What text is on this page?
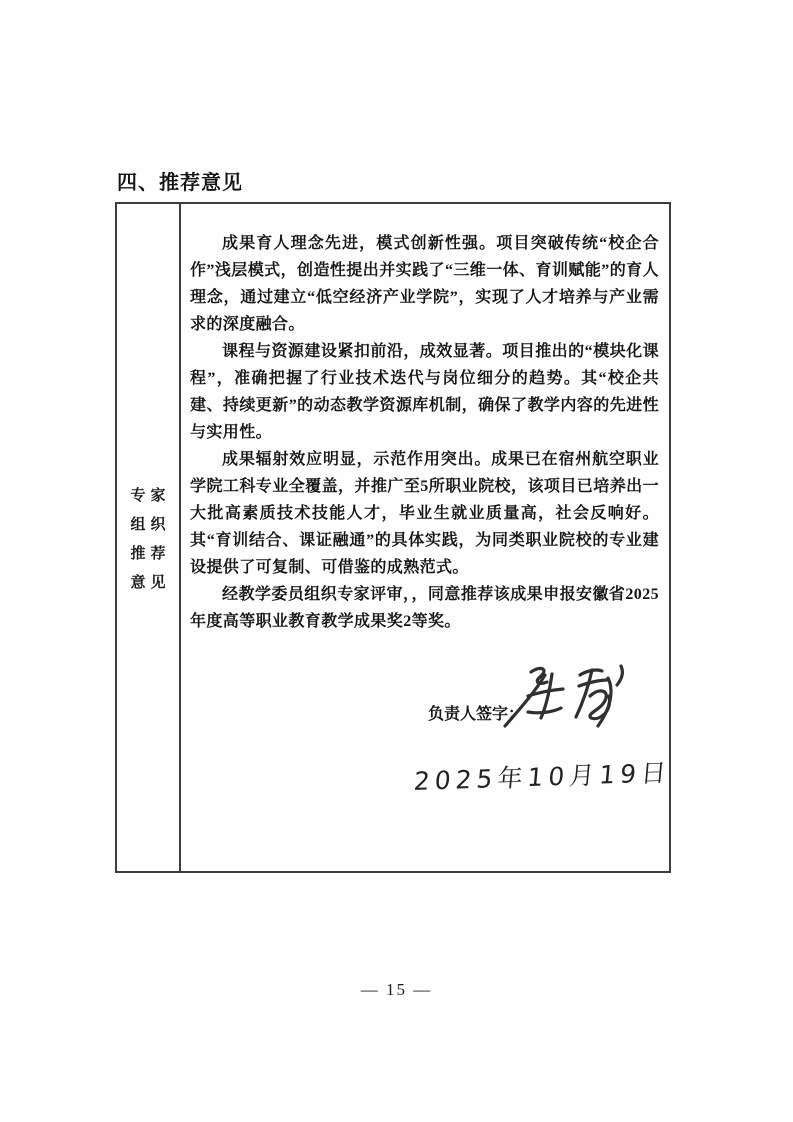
四、推荐意见
专家
组织
推荐
意见

成果育人理念先进，模式创新性强。项目突破传统“校企合作”浅层模式，创造性提出并实践了“三维一体、育训赋能”的育人理念，通过建立“低空经济产业学院”，实现了人才培养与产业需求的深度融合。

课程与资源建设紧扣前沿，成效显著。项目推出的“模块化课程”，准确把握了行业技术迭代与岗位细分的趋势。其“校企共建、持续更新”的动态教学资源库机制，确保了教学内容的先进性与实用性。

成果辐射效应明显，示范作用突出。成果已在宿州航空职业学院工科专业全覆盖，并推广至5所职业院校，该项目已培养出一大批高素质技术技能人才，毕业生就业质量高，社会反响好。其“育训结合、课证融通”的具体实践，为同类职业院校的专业建设提供了可复制、可借鉴的成熟范式。

经教学委员组织专家评审，，同意推荐该成果申报安徽省2025年度高等职业教育教学成果奖2等奖。

负责人签字：
2025年10月19日
— 15 —
